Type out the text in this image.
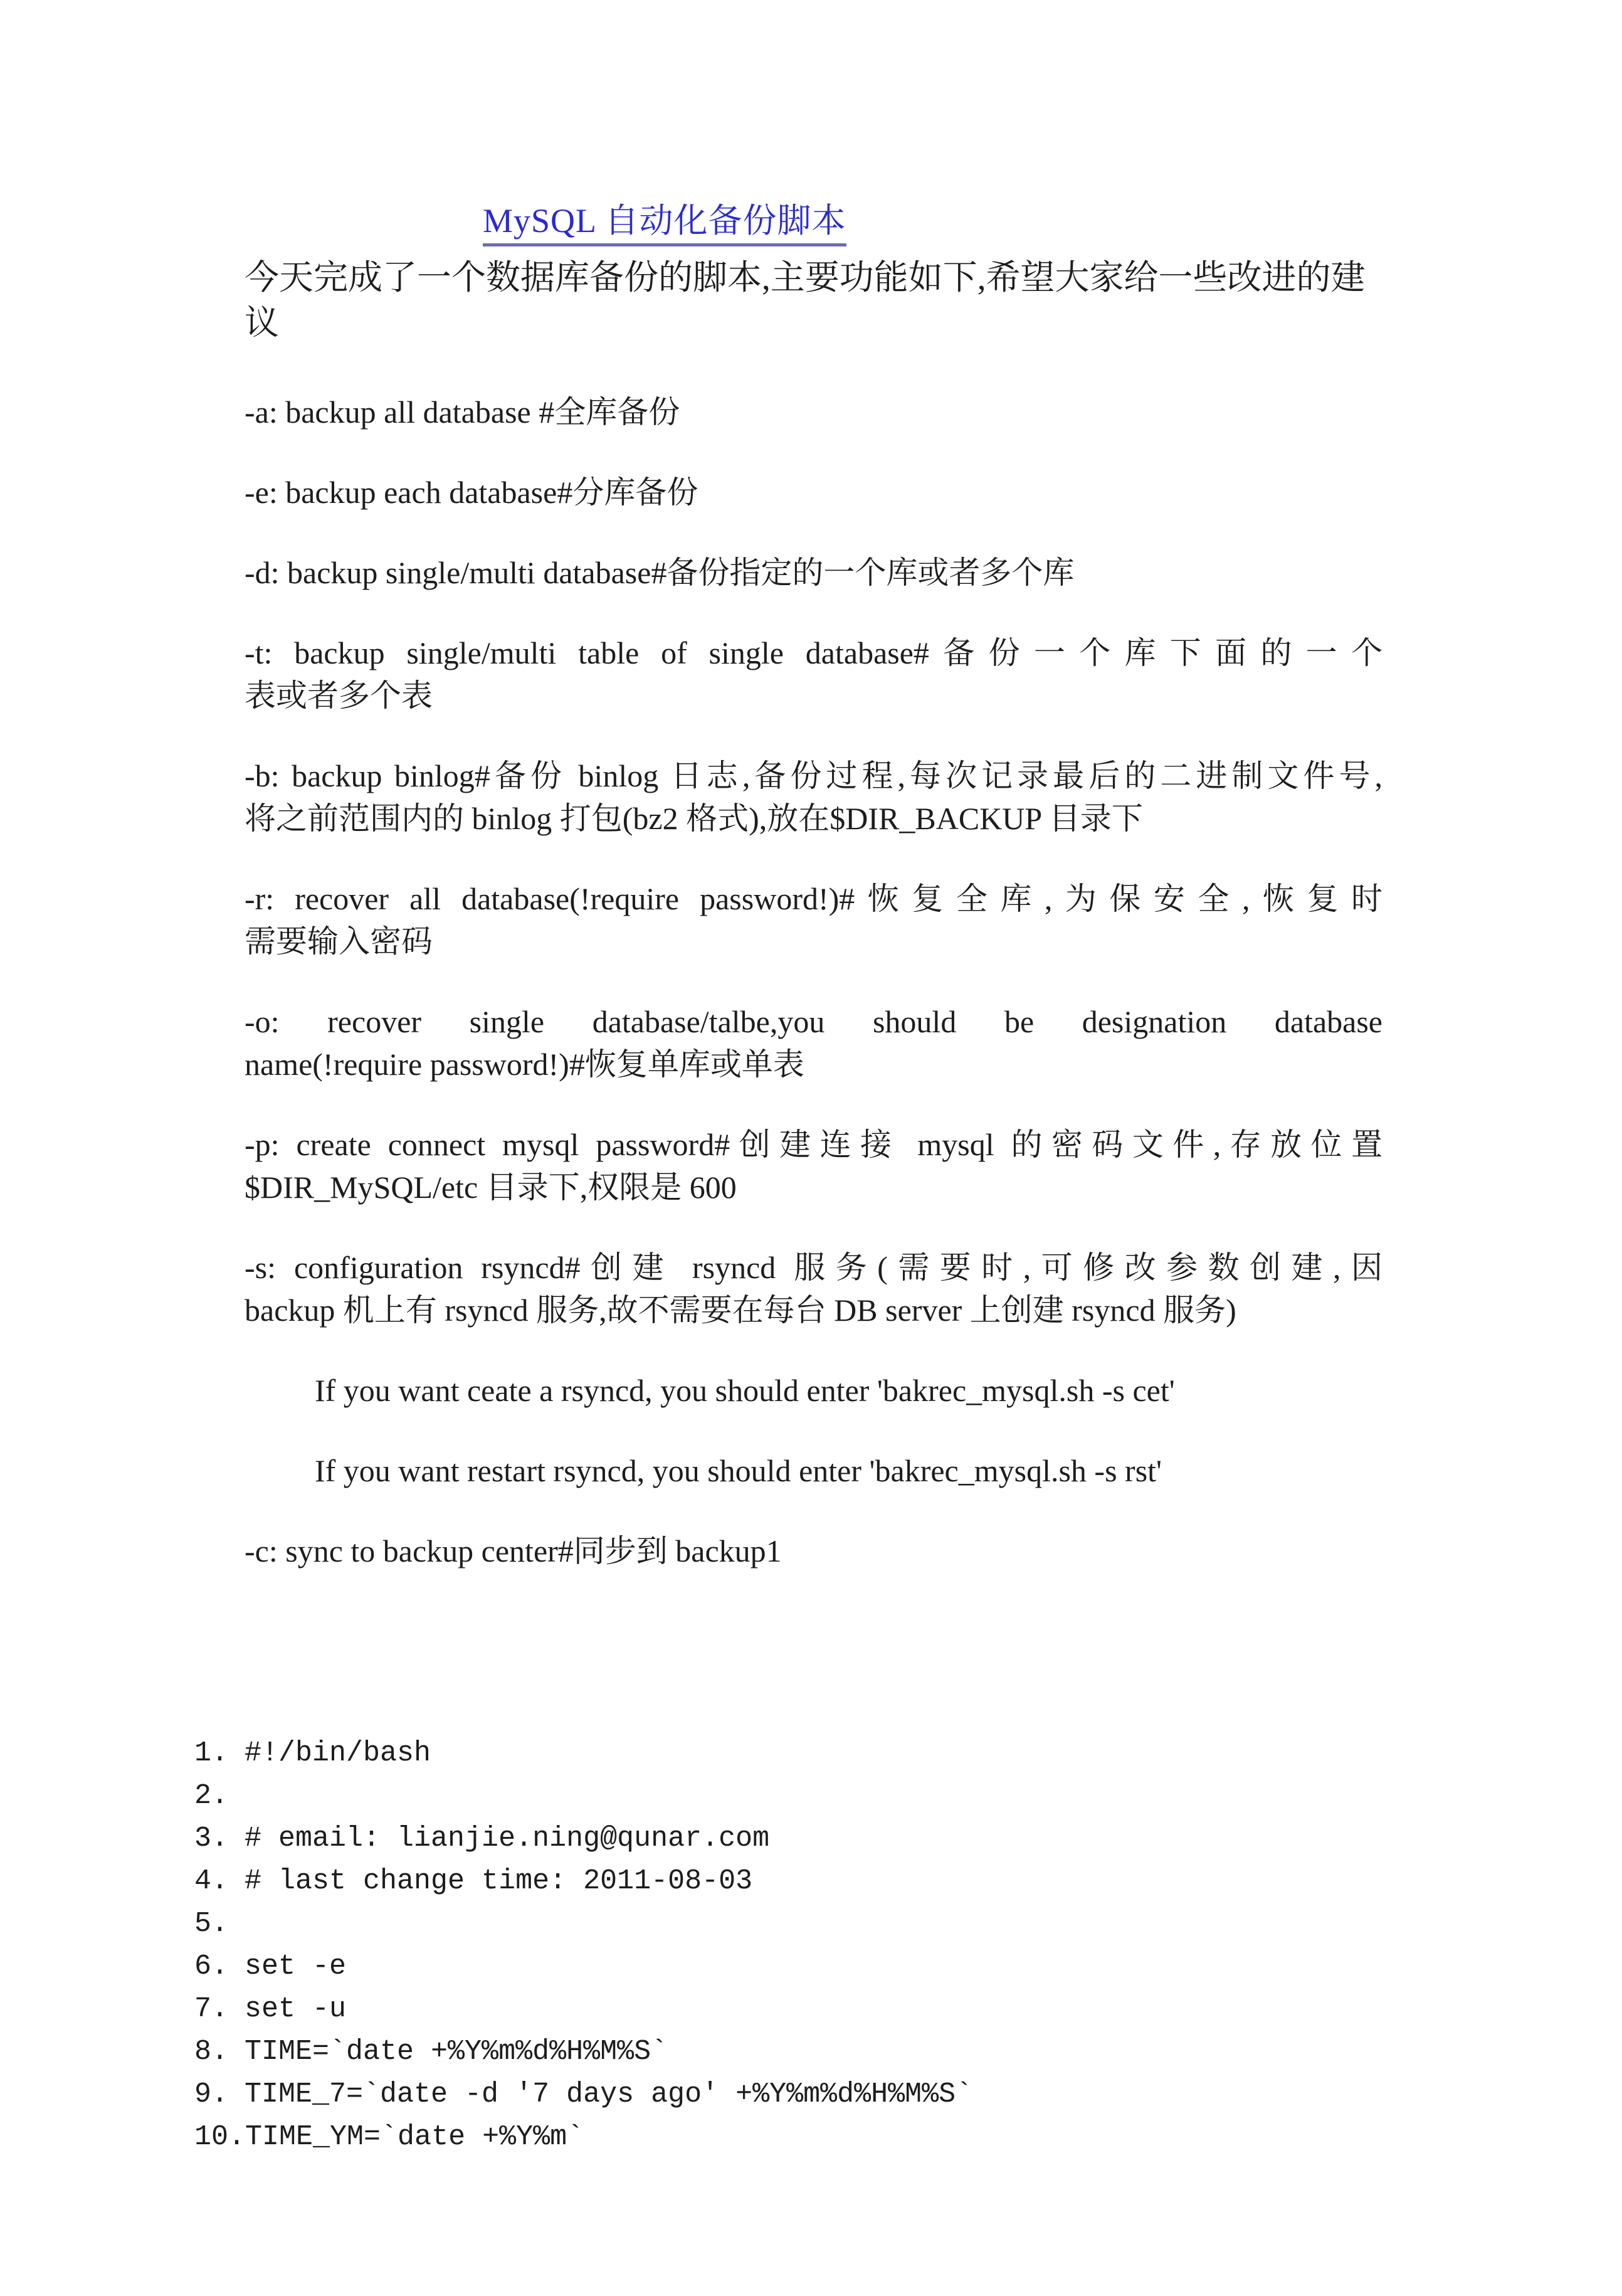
MySQL 自动化备份脚本

今天完成了一个数据库备份的脚本,主要功能如下,希望大家给一些改进的建议

-a: backup all database #全库备份
-e: backup each database#分库备份
-d: backup single/multi database#备份指定的一个库或者多个库
-t: backup single/multi table of single database#备份一个库下面的一个
表或者多个表
-b: backup binlog#备份 binlog 日志,备份过程,每次记录最后的二进制文件号,
将之前范围内的 binlog 打包(bz2 格式),放在$DIR_BACKUP 目录下
-r: recover all database(!require password!)#恢复全库,为保安全,恢复时
需要输入密码
-o: recover single database/talbe,you should be designation database
name(!require password!)#恢复单库或单表
-p: create connect mysql password#创建连接 mysql 的密码文件,存放位置
$DIR_MySQL/etc 目录下,权限是 600
-s: configuration rsyncd#创建 rsyncd 服务(需要时,可修改参数创建,因
backup 机上有 rsyncd 服务,故不需要在每台 DB server 上创建 rsyncd 服务)
If you want ceate a rsyncd, you should enter 'bakrec_mysql.sh -s cet'
If you want restart rsyncd, you should enter 'bakrec_mysql.sh -s rst'
-c: sync to backup center#同步到 backup1
1. #!/bin/bash
2.
3. # email: lianjie.ning@qunar.com
4. # last change time: 2011-08-03
5.
6. set -e
7. set -u
8. TIME=`date +%Y%m%d%H%M%S`
9. TIME_7=`date -d '7 days ago' +%Y%m%d%H%M%S`
10.TIME_YM=`date +%Y%m`
